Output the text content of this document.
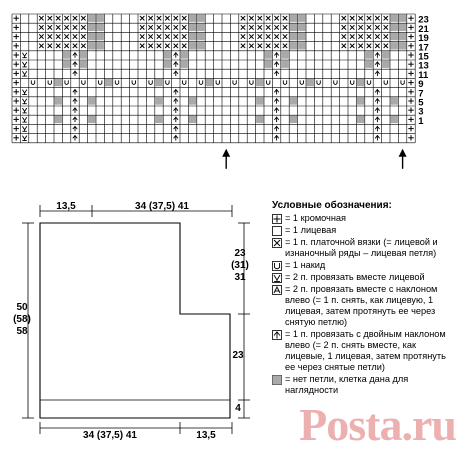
23
21
19
17
15
13
11
9
7
5
3
1
13,5	34 (37,5) 41
34 (37,5) 41	13,5
50
(58)
58
23
(31)
31
23
4
Условные обозначения:
= 1 кромочная
= 1 лицевая
= 1 п. платочной вязки (= лицевой и изнаночный ряды – лицевая петля)
= 1 накид
= 2 п. провязать вместе лицевой
= 2 п. провязать вместе с наклоном влево (= 1 п. снять, как лицевую, 1 лицевая, затем протянуть ее через снятую петлю)
= 1 п. провязать с двойным наклоном влево (= 2 п. снять вместе, как лицевые, 1 лицевая, затем протянуть ее через снятые петли)
= нет петли, клетка дана для наглядности
Posta.ru
